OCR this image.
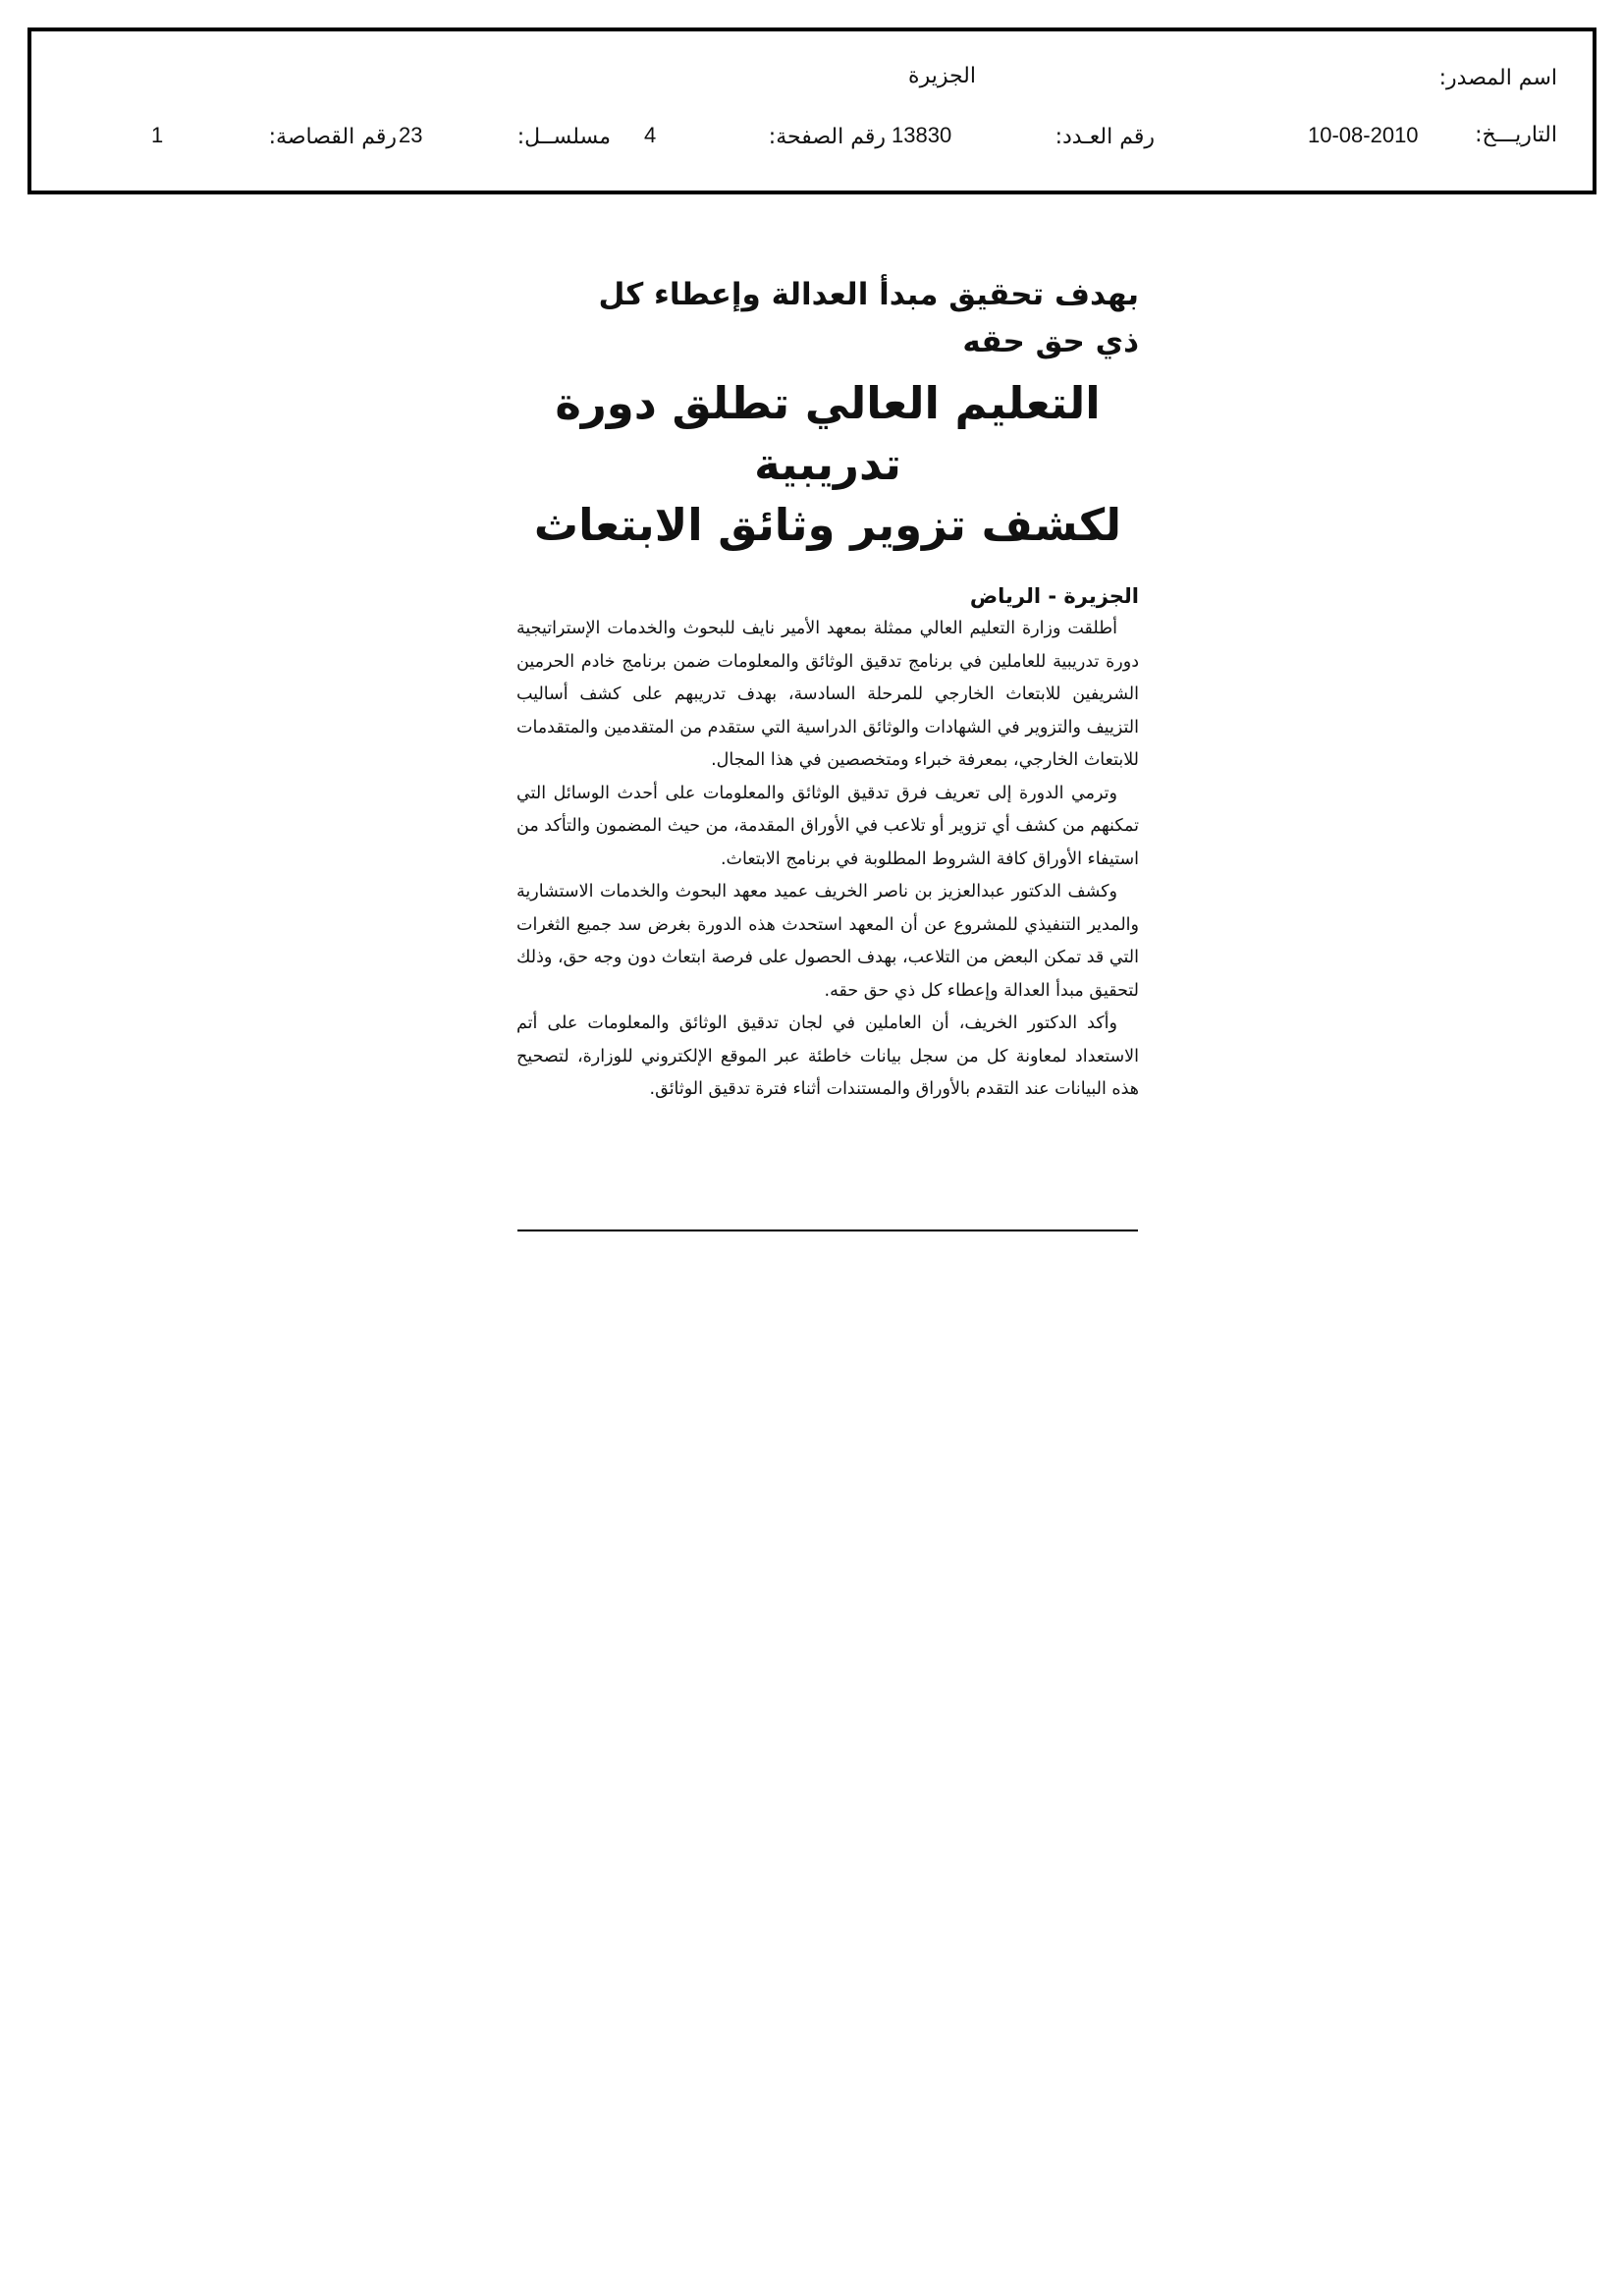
اسم المصدر:
الجزيرة
التاريـــخ:
10-08-2010
رقم العـدد:
13830
رقم الصفحة:
4
مسلســل:
23
رقم القصاصة:
1
بهدف تحقيق مبدأ العدالة وإعطاء كل ذي حق حقه
التعليم العالي تطلق دورة تدريبية
لكشف تزوير وثائق الابتعاث
الجزيرة - الرياض

أطلقت وزارة التعليم العالي ممثلة بمعهد الأمير نايف للبحوث والخدمات الإستراتيجية دورة تدريبية للعاملين في برنامج تدقيق الوثائق والمعلومات ضمن برنامج خادم الحرمين الشريفين للابتعاث الخارجي للمرحلة السادسة، بهدف تدريبهم على كشف أساليب التزييف والتزوير في الشهادات والوثائق الدراسية التي ستقدم من المتقدمين والمتقدمات للابتعاث الخارجي، بمعرفة خبراء ومتخصصين في هذا المجال.

وترمي الدورة إلى تعريف فرق تدقيق الوثائق والمعلومات على أحدث الوسائل التي تمكنهم من كشف أي تزوير أو تلاعب في الأوراق المقدمة، من حيث المضمون والتأكد من استيفاء الأوراق كافة الشروط المطلوبة في برنامج الابتعاث.

وكشف الدكتور عبدالعزيز بن ناصر الخريف عميد معهد البحوث والخدمات الاستشارية والمدير التنفيذي للمشروع عن أن المعهد استحدث هذه الدورة بغرض سد جميع الثغرات التي قد تمكن البعض من التلاعب، بهدف الحصول على فرصة ابتعاث دون وجه حق، وذلك لتحقيق مبدأ العدالة وإعطاء كل ذي حق حقه.

وأكد الدكتور الخريف، أن العاملين في لجان تدقيق الوثائق والمعلومات على أتم الاستعداد لمعاونة كل من سجل بيانات خاطئة عبر الموقع الإلكتروني للوزارة، لتصحيح هذه البيانات عند التقدم بالأوراق والمستندات أثناء فترة تدقيق الوثائق.
